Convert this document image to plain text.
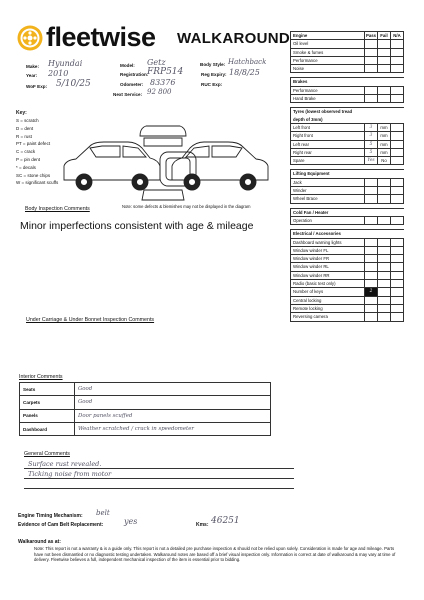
fleetwise WALKAROUND
Make: Hyundai
Year: 2010
WoF Exp: 5/10/25
Model: Getz
Registration:
FRP514
Odometer: 83376
Next Service: 92 800
Body Style: Hatchback
Reg Expiry: 18/8/25
RUC Exp:
Key:
S = scratch
D = dent
R = rust
PT = paint defect
C = crack
P = pin dent
* = decals
SC = stone chips
W = significant scuffs
Note: some defects & blemishes may not be displayed in the diagram
Body Inspection Comments
Minor imperfections consistent with age & mileage
Under Carriage & Under Bonnet Inspection Comments
Engine	Pass	Fail	N/A
Oil level			
Smoke & fumes			
Performance			
Noise			

Brakes			
Performance			
Hand Brake			

Tyres (lowest observed tread depth of 3mm)			
Left front	3	mm	
Right front	3	mm	
Left rear	5	mm	
Right rear	5	mm	
Spare	Yes	No	

Lifting Equipment			
Jack			
Winder			
Wheel Brace			

Cold Fan / Heater			
Operation			

Electrical / Accessories			
Dashboard warning lights			
Window winder FL			
Window winder FR			
Window winder RL			
Window winder RR			
Radio (basic test only)			
Number of keys	2		
Central locking			
Remote locking			
Reversing camera			

Interior Comments
Seats	Good
Carpets	Good
Panels	Door panels scuffed
Dashboard	Weather scratched / crack in speedometer
General Comments
Surface rust revealed.
Ticking noise from motor
Engine Timing Mechanism: belt
Evidence of Cam Belt Replacement:	yes	Kms: 46251
Walkaround as at:
Note: This report is not a warranty & is a guide only. This report is not a detailed pre purchase inspection & should not be relied upon solely. Consideration is made for age and mileage. Parts have not been dismantled or no diagnostic testing undertaken. Walkaround notes are based off a brief visual inspection only. Information is correct at date of walkaround & may vary at time of delivery. Fleetwise believes a full, independent mechanical inspection of the item is essential prior to bidding.
